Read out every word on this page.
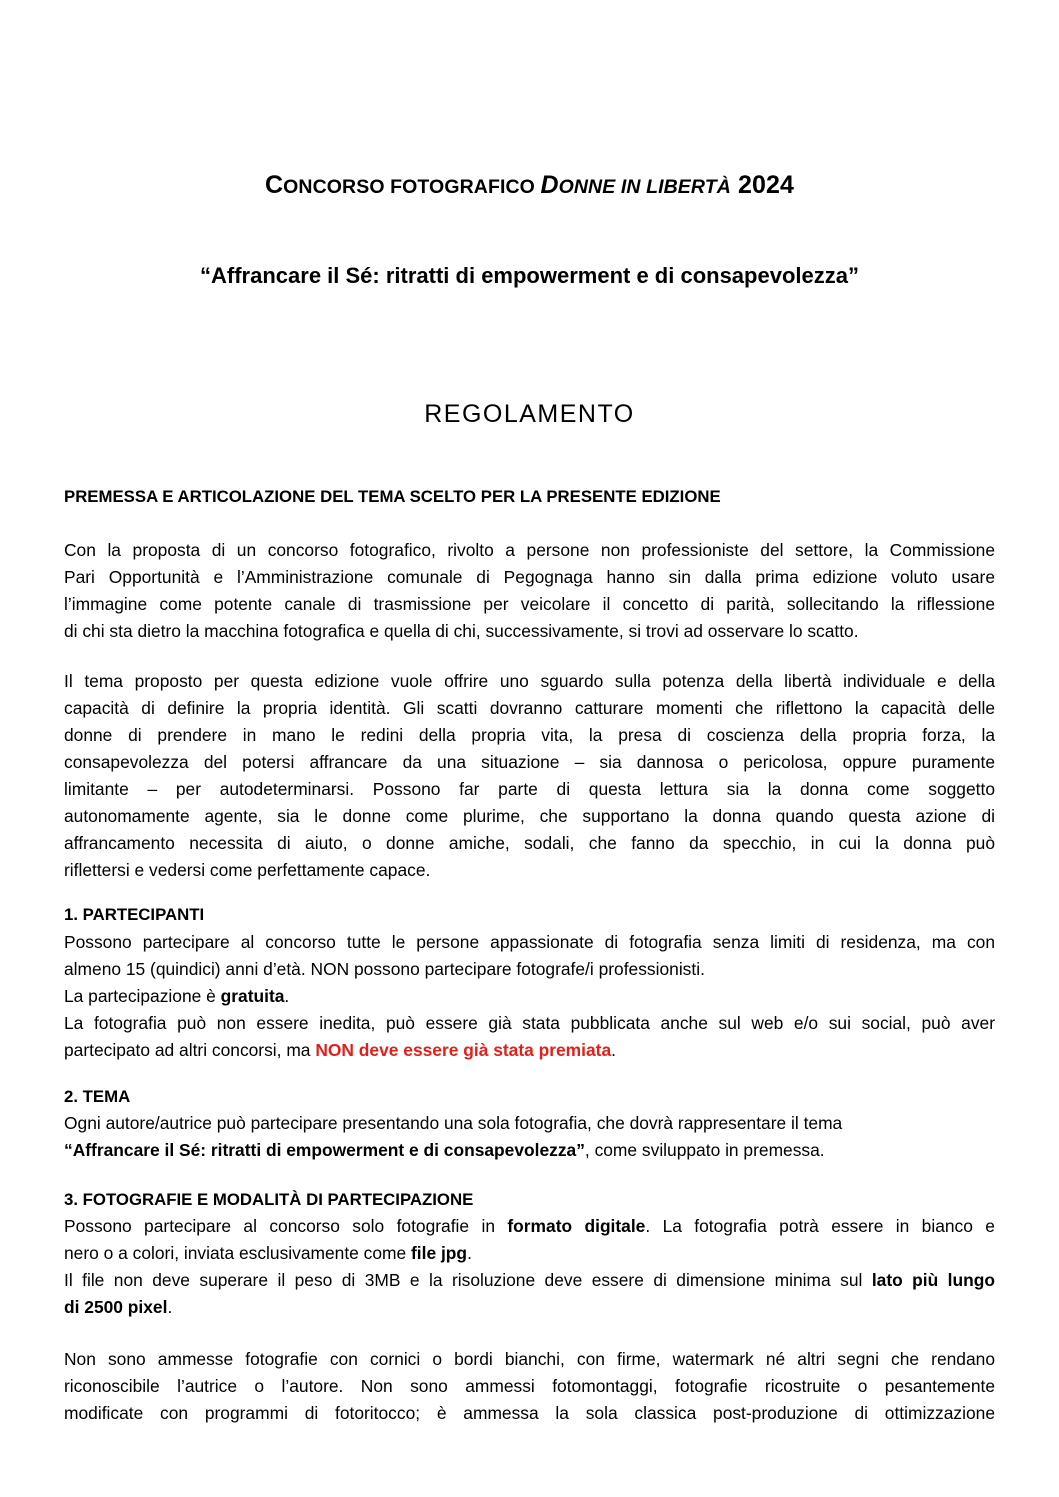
CONCORSO FOTOGRAFICO DONNE IN LIBERTÀ 2024
“Affrancare il Sé: ritratti di empowerment e di consapevolezza”
REGOLAMENTO
PREMESSA E ARTICOLAZIONE DEL TEMA SCELTO PER LA PRESENTE EDIZIONE
Con la proposta di un concorso fotografico, rivolto a persone non professioniste del settore, la Commissione
Pari Opportunità e l’Amministrazione comunale di Pegognaga hanno sin dalla prima edizione voluto usare
l’immagine come potente canale di trasmissione per veicolare il concetto di parità, sollecitando la riflessione
di chi sta dietro la macchina fotografica e quella di chi, successivamente, si trovi ad osservare lo scatto.
Il tema proposto per questa edizione vuole offrire uno sguardo sulla potenza della libertà individuale e della
capacità di definire la propria identità. Gli scatti dovranno catturare momenti che riflettono la capacità delle
donne di prendere in mano le redini della propria vita, la presa di coscienza della propria forza, la
consapevolezza del potersi affrancare da una situazione – sia dannosa o pericolosa, oppure puramente
limitante – per autodeterminarsi. Possono far parte di questa lettura sia la donna come soggetto
autonomamente agente, sia le donne come plurime, che supportano la donna quando questa azione di
affrancamento necessita di aiuto, o donne amiche, sodali, che fanno da specchio, in cui la donna può
riflettersi e vedersi come perfettamente capace.
1. PARTECIPANTI
Possono partecipare al concorso tutte le persone appassionate di fotografia senza limiti di residenza, ma con
almeno 15 (quindici) anni d’età. NON possono partecipare fotografe/i professionisti.
La partecipazione è gratuita.
La fotografia può non essere inedita, può essere già stata pubblicata anche sul web e/o sui social, può aver
partecipato ad altri concorsi, ma NON deve essere già stata premiata.
2. TEMA
Ogni autore/autrice può partecipare presentando una sola fotografia, che dovrà rappresentare il tema
“Affrancare il Sé: ritratti di empowerment e di consapevolezza”, come sviluppato in premessa.
3. FOTOGRAFIE E MODALITÀ DI PARTECIPAZIONE
Possono partecipare al concorso solo fotografie in formato digitale. La fotografia potrà essere in bianco e
nero o a colori, inviata esclusivamente come file jpg.
Il file non deve superare il peso di 3MB e la risoluzione deve essere di dimensione minima sul lato più lungo
di 2500 pixel.
Non sono ammesse fotografie con cornici o bordi bianchi, con firme, watermark né altri segni che rendano
riconoscibile l’autrice o l’autore. Non sono ammessi fotomontaggi, fotografie ricostruite o pesantemente
modificate con programmi di fotoritocco; è ammessa la sola classica post-produzione di ottimizzazione
